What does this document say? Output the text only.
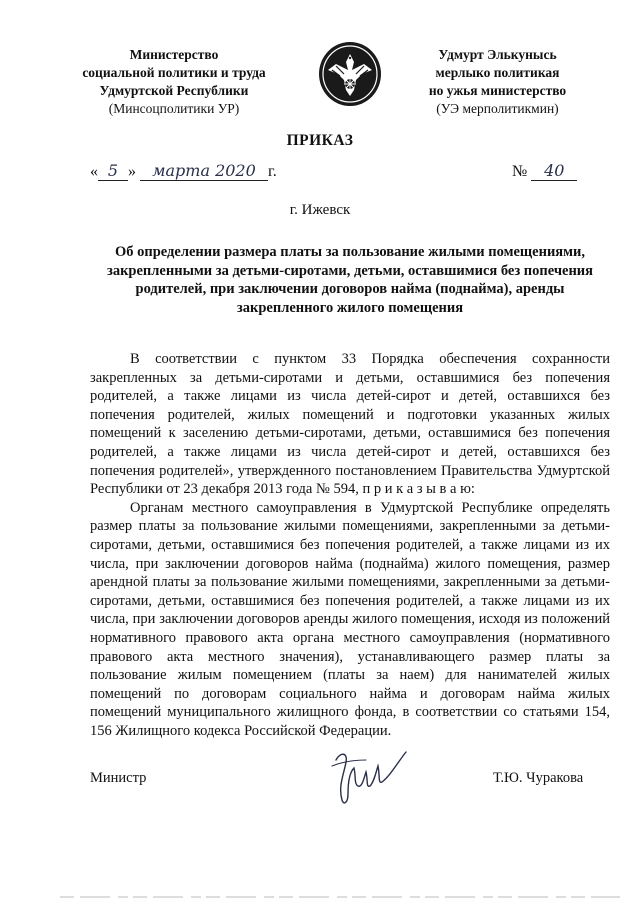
Министерство
социальной политики и труда
Удмуртской Республики
(Минсоцполитики УР)
Удмурт Элькунысь
мерлыко политикая
но ужья министерство
(УЭ мерполитикмин)
ПРИКАЗ
« 5 » марта 2020 г.	№ 40
г. Ижевск
Об определении размера платы за пользование жилыми помещениями,
закрепленными за детьми-сиротами, детьми, оставшимися без попечения
родителей, при заключении договоров найма (поднайма), аренды
закрепленного жилого помещения

В соответствии с пунктом 33 Порядка обеспечения сохранности закрепленных за детьми-сиротами и детьми, оставшимися без попечения родителей, а также лицами из числа детей-сирот и детей, оставшихся без попечения родителей, жилых помещений и подготовки указанных жилых помещений к заселению детьми-сиротами, детьми, оставшимися без попечения родителей, а также лицами из числа детей-сирот и детей, оставшихся без попечения родителей», утвержденного постановлением Правительства Удмуртской Республики от 23 декабря 2013 года № 594, п р и к а з ы в а ю:

Органам местного самоуправления в Удмуртской Республике определять размер платы за пользование жилыми помещениями, закрепленными за детьми-сиротами, детьми, оставшимися без попечения родителей, а также лицами из их числа, при заключении договоров найма (поднайма) жилого помещения, размер арендной платы за пользование жилыми помещениями, закрепленными за детьми-сиротами, детьми, оставшимися без попечения родителей, а также лицами из их числа, при заключении договоров аренды жилого помещения, исходя из положений нормативного правового акта органа местного самоуправления (нормативного правового акта местного значения), устанавливающего размер платы за пользование жилым помещением (платы за наем) для нанимателей жилых помещений по договорам социального найма и договорам найма жилых помещений муниципального жилищного фонда, в соответствии со статьями 154, 156 Жилищного кодекса Российской Федерации.

Министр	Т.Ю. Чуракова
